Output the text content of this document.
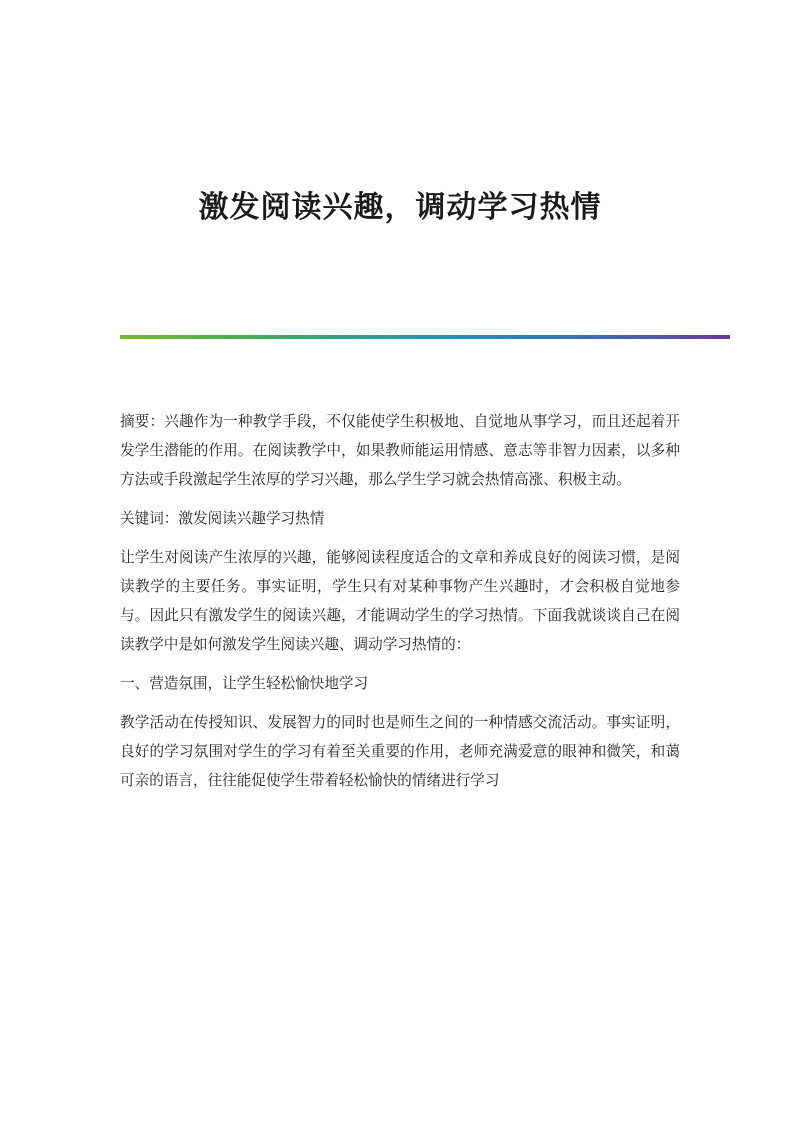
激发阅读兴趣，调动学习热情

摘要：兴趣作为一种教学手段，不仅能使学生积极地、自觉地从事学习，而且还起着开发学生潜能的作用。在阅读教学中，如果教师能运用情感、意志等非智力因素，以多种方法或手段激起学生浓厚的学习兴趣，那么学生学习就会热情高涨、积极主动。

关键词：激发阅读兴趣学习热情

让学生对阅读产生浓厚的兴趣，能够阅读程度适合的文章和养成良好的阅读习惯，是阅读教学的主要任务。事实证明，学生只有对某种事物产生兴趣时，才会积极自觉地参与。因此只有激发学生的阅读兴趣，才能调动学生的学习热情。下面我就谈谈自己在阅读教学中是如何激发学生阅读兴趣、调动学习热情的：

一、营造氛围，让学生轻松愉快地学习

教学活动在传授知识、发展智力的同时也是师生之间的一种情感交流活动。事实证明，良好的学习氛围对学生的学习有着至关重要的作用，老师充满爱意的眼神和微笑，和蔼可亲的语言，往往能促使学生带着轻松愉快的情绪进行学习
